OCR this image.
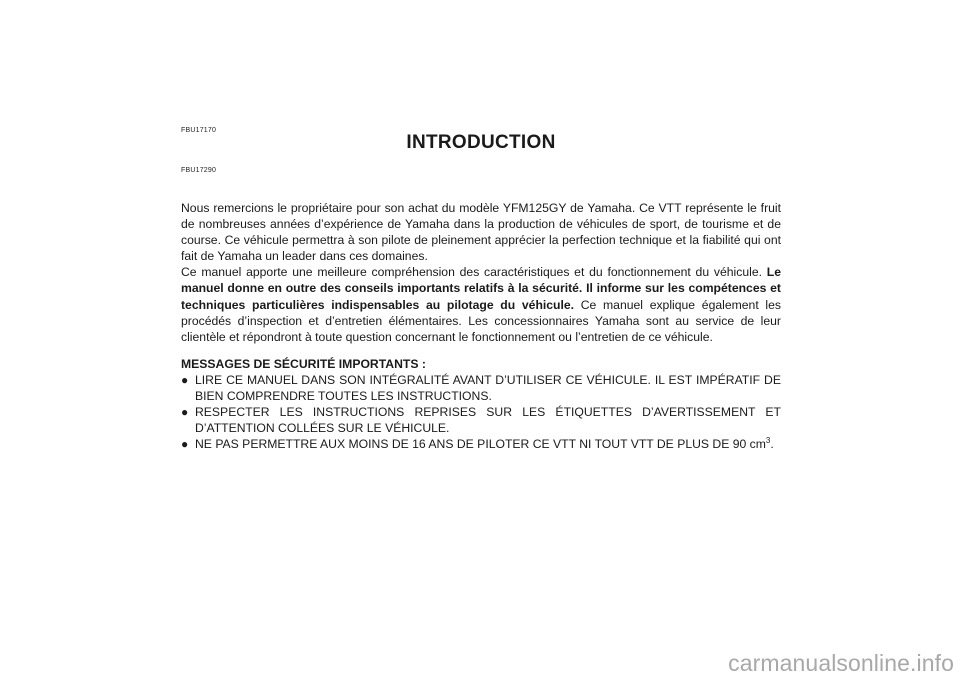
FBU17170
INTRODUCTION
FBU17290

Nous remercions le propriétaire pour son achat du modèle YFM125GY de Yamaha. Ce VTT représente le fruit de nombreuses années d’expérience de Yamaha dans la production de véhicules de sport, de tourisme et de course. Ce véhicule permettra à son pilote de pleinement apprécier la perfection technique et la fiabilité qui ont fait de Yamaha un leader dans ces domaines.

Ce manuel apporte une meilleure compréhension des caractéristiques et du fonctionnement du véhicule. Le manuel donne en outre des conseils importants relatifs à la sécurité. Il informe sur les compétences et techniques particulières indispensables au pilotage du véhicule. Ce manuel explique également les procédés d’inspection et d’entretien élémentaires. Les concessionnaires Yamaha sont au service de leur clientèle et répondront à toute question concernant le fonctionnement ou l’entretien de ce véhicule.

MESSAGES DE SÉCURITÉ IMPORTANTS :

● LIRE CE MANUEL DANS SON INTÉGRALITÉ AVANT D’UTILISER CE VÉHICULE. IL EST IMPÉRATIF DE BIEN COMPRENDRE TOUTES LES INSTRUCTIONS.
● RESPECTER LES INSTRUCTIONS REPRISES SUR LES ÉTIQUETTES D’AVERTISSEMENT ET D’ATTENTION COLLÉES SUR LE VÉHICULE.
● NE PAS PERMETTRE AUX MOINS DE 16 ANS DE PILOTER CE VTT NI TOUT VTT DE PLUS DE 90 $cm^3$.
carmanualsonline.info
